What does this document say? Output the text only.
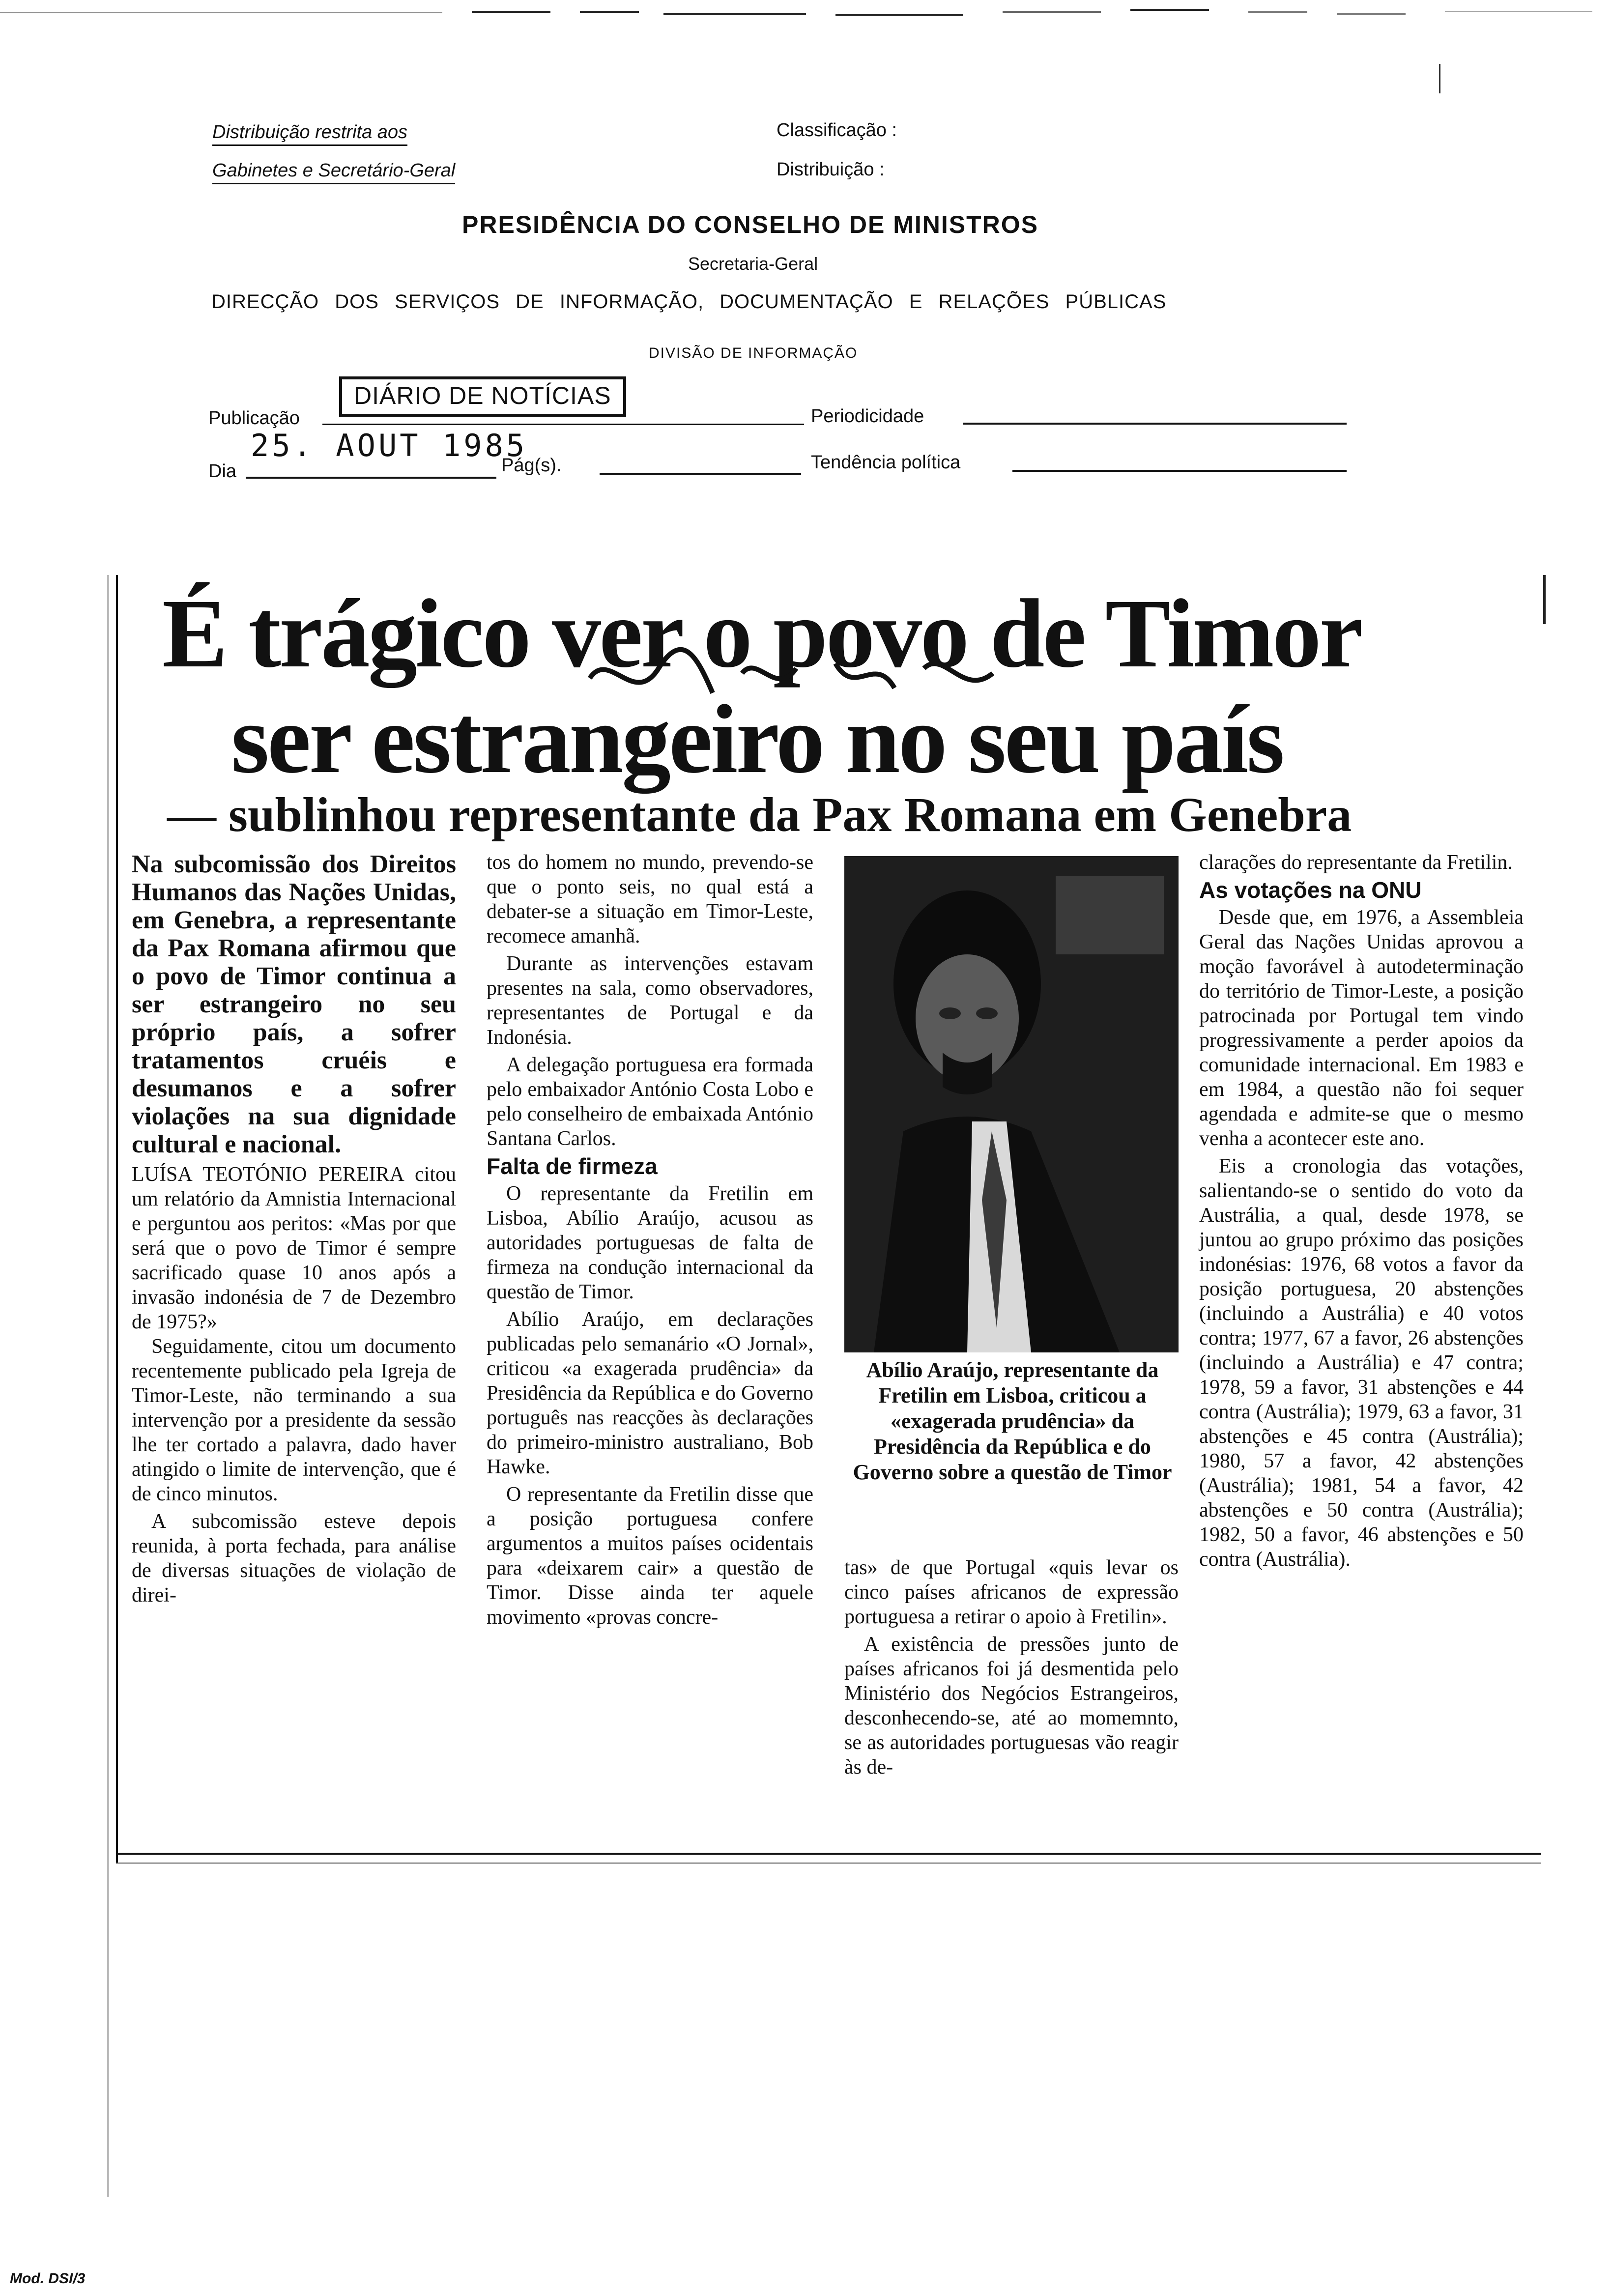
Distribuição restrita aos
Gabinetes e Secretário-Geral
Classificação :
Distribuição :
PRESIDÊNCIA DO CONSELHO DE MINISTROS
Secretaria-Geral
DIRECÇÃO DOS SERVIÇOS DE INFORMAÇÃO, DOCUMENTAÇÃO E RELAÇÕES PÚBLICAS
DIVISÃO DE INFORMAÇÃO
Publicação
DIÁRIO DE NOTÍCIAS
Periodicidade
Dia
25. AOUT 1985
Pág(s).	Tendência política
É trágico ver o povo de Timor
ser estrangeiro no seu país
— sublinhou representante da Pax Romana em Genebra
Na subcomissão dos Direitos Humanos das Nações Unidas, em Genebra, a representante da Pax Romana afirmou que o povo de Timor continua a ser estrangeiro no seu próprio país, a sofrer tratamentos cruéis e desumanos e a sofrer violações na sua dignidade cultural e nacional.
LUÍSA TEOTÓNIO PEREIRA citou um relatório da Amnistia Internacional e perguntou aos peritos: «Mas por que será que o povo de Timor é sempre sacrificado quase 10 anos após a invasão indonésia de 7 de Dezembro de 1975?»

Seguidamente, citou um documento recentemente publicado pela Igreja de Timor-Leste, não terminando a sua intervenção por a presidente da sessão lhe ter cortado a palavra, dado haver atingido o limite de intervenção, que é de cinco minutos.

A subcomissão esteve depois reunida, à porta fechada, para análise de diversas situações de violação de direi-

tos do homem no mundo, prevendo-se que o ponto seis, no qual está a debater-se a situação em Timor-Leste, recomece amanhã.

Durante as intervenções estavam presentes na sala, como observadores, representantes de Portugal e da Indonésia.

A delegação portuguesa era formada pelo embaixador António Costa Lobo e pelo conselheiro de embaixada António Santana Carlos.

Falta de firmeza

O representante da Fretilin em Lisboa, Abílio Araújo, acusou as autoridades portuguesas de falta de firmeza na condução internacional da questão de Timor.

Abílio Araújo, em declarações publicadas pelo semanário «O Jornal», criticou «a exagerada prudência» da Presidência da República e do Governo português nas reacções às declarações do primeiro-ministro australiano, Bob Hawke.

O representante da Fretilin disse que a posição portuguesa confere argumentos a muitos países ocidentais para «deixarem cair» a questão de Timor. Disse ainda ter aquele movimento «provas concre-

Abílio Araújo, representante da Fretilin em Lisboa, criticou a «exagerada prudência» da Presidência da República e do Governo sobre a questão de Timor

tas» de que Portugal «quis levar os cinco países africanos de expressão portuguesa a retirar o apoio à Fretilin».

A existência de pressões junto de países africanos foi já desmentida pelo Ministério dos Negócios Estrangeiros, desconhecendo-se, até ao momemnto, se as autoridades portuguesas vão reagir às de-

clarações do representante da Fretilin.

As votações na ONU

Desde que, em 1976, a Assembleia Geral das Nações Unidas aprovou a moção favorável à autodeterminação do território de Timor-Leste, a posição patrocinada por Portugal tem vindo progressivamente a perder apoios da comunidade internacional. Em 1983 e em 1984, a questão não foi sequer agendada e admite-se que o mesmo venha a acontecer este ano.

Eis a cronologia das votações, salientando-se o sentido do voto da Austrália, a qual, desde 1978, se juntou ao grupo próximo das posições indonésias: 1976, 68 votos a favor da posição portuguesa, 20 abstenções (incluindo a Austrália) e 40 votos contra; 1977, 67 a favor, 26 abstenções (incluindo a Austrália) e 47 contra; 1978, 59 a favor, 31 abstenções e 44 contra (Austrália); 1979, 63 a favor, 31 abstenções e 45 contra (Austrália); 1980, 57 a favor, 42 abstenções (Austrália); 1981, 54 a favor, 42 abstenções e 50 contra (Austrália); 1982, 50 a favor, 46 abstenções e 50 contra (Austrália).

Mod. DSI/3
